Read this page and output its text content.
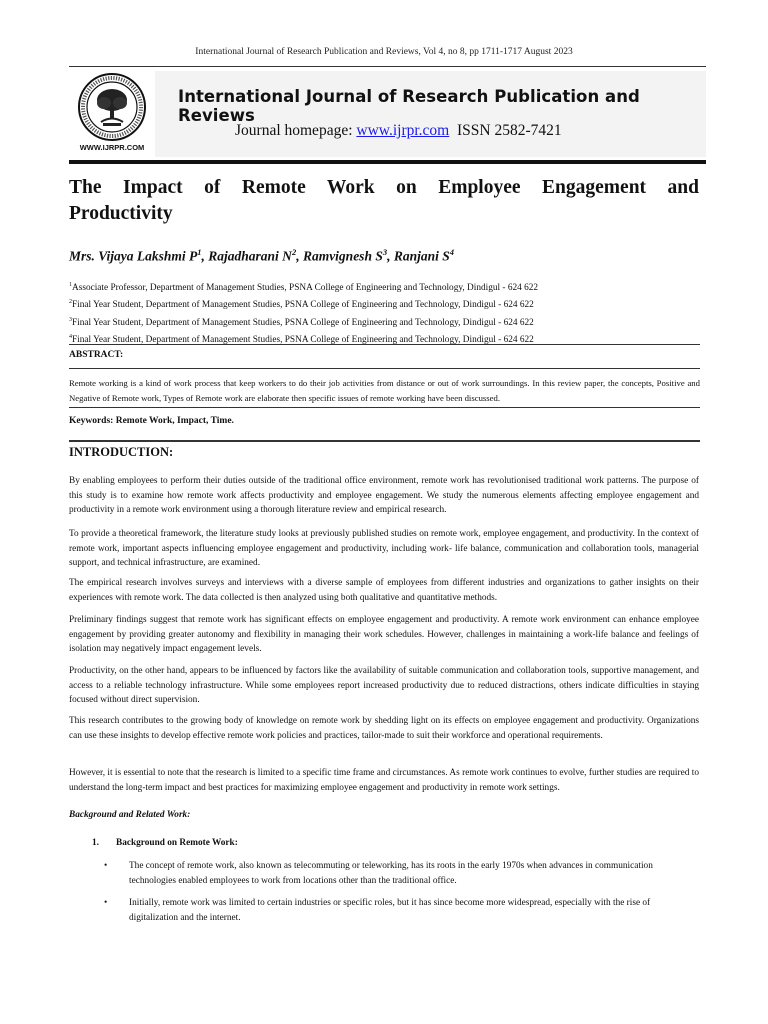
International Journal of Research Publication and Reviews, Vol 4, no 8, pp 1711-1717 August 2023
WWW.IJRPR.COM
International Journal of Research Publication and Reviews
Journal homepage: www.ijrpr.com ISSN 2582-7421
The Impact of Remote Work on Employee Engagement and
Productivity
Mrs. Vijaya Lakshmi $P^1$, Rajadharani $N^2$, Ramvignesh $S^3$, Ranjani $S^4$
$^1$Associate Professor, Department of Management Studies, PSNA College of Engineering and Technology, Dindigul - 624 622
$^2$Final Year Student, Department of Management Studies, PSNA College of Engineering and Technology, Dindigul - 624 622
$^3$Final Year Student, Department of Management Studies, PSNA College of Engineering and Technology, Dindigul - 624 622
$^4$Final Year Student, Department of Management Studies, PSNA College of Engineering and Technology, Dindigul - 624 622
ABSTRACT:
Remote working is a kind of work process that keep workers to do their job activities from distance or out of work surroundings. In this review paper, the concepts, Positive and Negative of Remote work, Types of Remote work are elaborate then specific issues of remote working have been discussed.
Keywords: Remote Work, Impact, Time.
INTRODUCTION:

By enabling employees to perform their duties outside of the traditional office environment, remote work has revolutionised traditional work patterns. The purpose of this study is to examine how remote work affects productivity and employee engagement. We study the numerous elements affecting employee engagement and productivity in a remote work environment using a thorough literature review and empirical research.

To provide a theoretical framework, the literature study looks at previously published studies on remote work, employee engagement, and productivity. In the context of remote work, important aspects influencing employee engagement and productivity, including work- life balance, communication and collaboration tools, managerial support, and technical infrastructure, are examined.

The empirical research involves surveys and interviews with a diverse sample of employees from different industries and organizations to gather insights on their experiences with remote work. The data collected is then analyzed using both qualitative and quantitative methods.

Preliminary findings suggest that remote work has significant effects on employee engagement and productivity. A remote work environment can enhance employee engagement by providing greater autonomy and flexibility in managing their work schedules. However, challenges in maintaining a work-life balance and feelings of isolation may negatively impact engagement levels.

Productivity, on the other hand, appears to be influenced by factors like the availability of suitable communication and collaboration tools, supportive management, and access to a reliable technology infrastructure. While some employees report increased productivity due to reduced distractions, others indicate difficulties in staying focused without direct supervision.

This research contributes to the growing body of knowledge on remote work by shedding light on its effects on employee engagement and productivity. Organizations can use these insights to develop effective remote work policies and practices, tailor-made to suit their workforce and operational requirements.

However, it is essential to note that the research is limited to a specific time frame and circumstances. As remote work continues to evolve, further studies are required to understand the long-term impact and best practices for maximizing employee engagement and productivity in remote work settings.

Background and Related Work:
1. Background on Remote Work:
• The concept of remote work, also known as telecommuting or teleworking, has its roots in the early 1970s when advances in communication technologies enabled employees to work from locations other than the traditional office.
• Initially, remote work was limited to certain industries or specific roles, but it has since become more widespread, especially with the rise of digitalization and the internet.
